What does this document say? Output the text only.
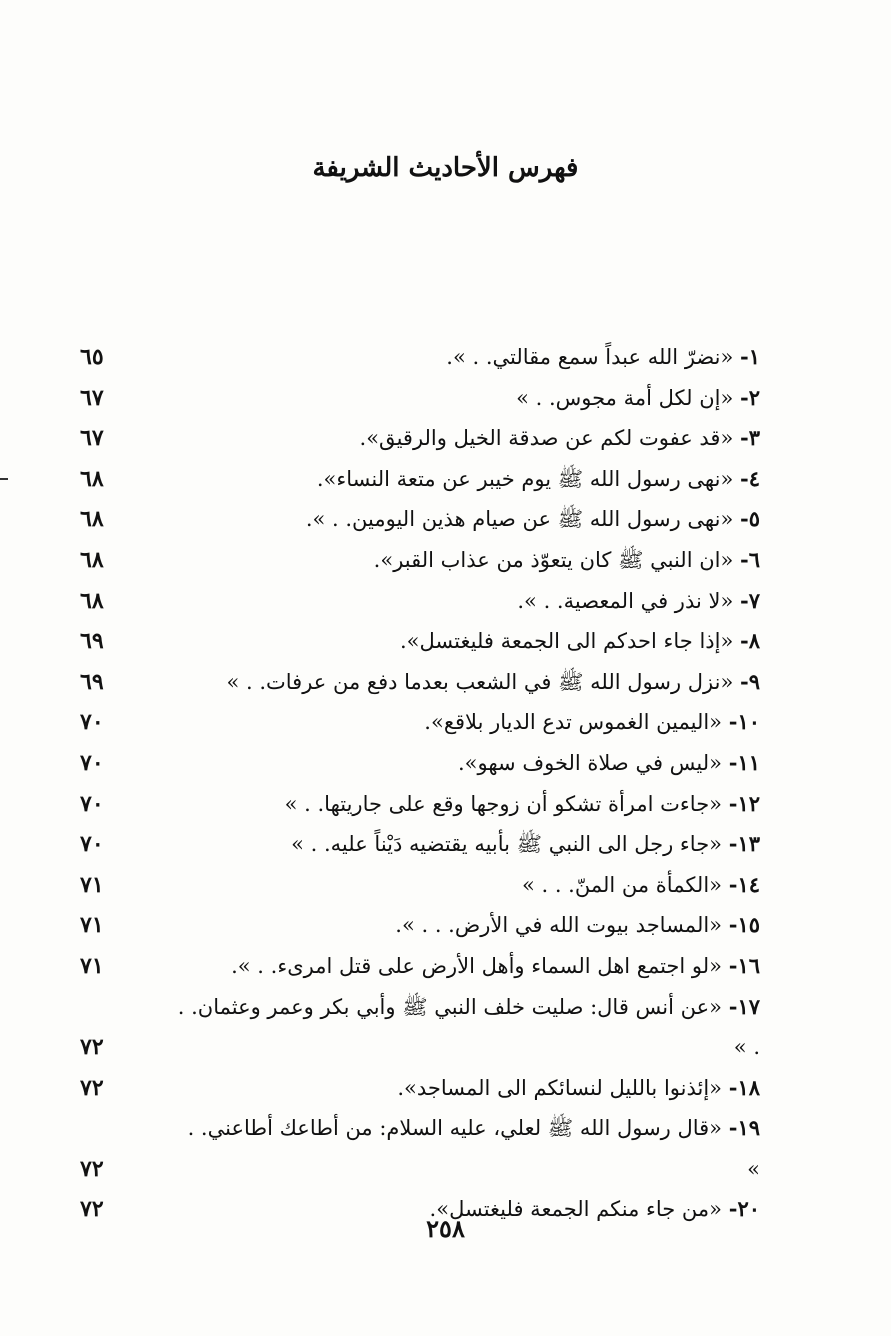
فهرس الأحاديث الشريفة
١- «نضرّ الله عبداً سمع مقالتي. . ».
٦٥
٢- «إن لكل أمة مجوس. . »
٦٧
٣- «قد عفوت لكم عن صدقة الخيل والرقيق».
٦٧
٤- «نهى رسول الله ﷺ يوم خيبر عن متعة النساء».
٦٨
٥- «نهى رسول الله ﷺ عن صيام هذين اليومين. . ».
٦٨
٦- «ان النبي ﷺ كان يتعوّذ من عذاب القبر».
٦٨
٧- «لا نذر في المعصية. . ».
٦٨
٨- «إذا جاء احدكم الى الجمعة فليغتسل».
٦٩
٩- «نزل رسول الله ﷺ في الشعب بعدما دفع من عرفات. . »
٦٩
١٠- «اليمين الغموس تدع الديار بلاقع».
٧٠
١١- «ليس في صلاة الخوف سهو».
٧٠
١٢- «جاءت امرأة تشكو أن زوجها وقع على جاريتها. . »
٧٠
١٣- «جاء رجل الى النبي ﷺ بأبيه يقتضيه دَيْناً عليه. . »
٧٠
١٤- «الكمأة من المنّ. . . »
٧١
١٥- «المساجد بيوت الله في الأرض. . . ».
٧١
١٦- «لو اجتمع اهل السماء وأهل الأرض على قتل امرىء. . ».
٧١
١٧- «عن أنس قال: صليت خلف النبي ﷺ وأبي بكر وعمر وعثمان. . . »
٧٢
١٨- «إئذنوا بالليل لنسائكم الى المساجد».
٧٢
١٩- «قال رسول الله ﷺ لعلي، عليه السلام: من أطاعك أطاعني. . »
٧٢
٢٠- «من جاء منكم الجمعة فليغتسل».
٧٢
٢٥٨
